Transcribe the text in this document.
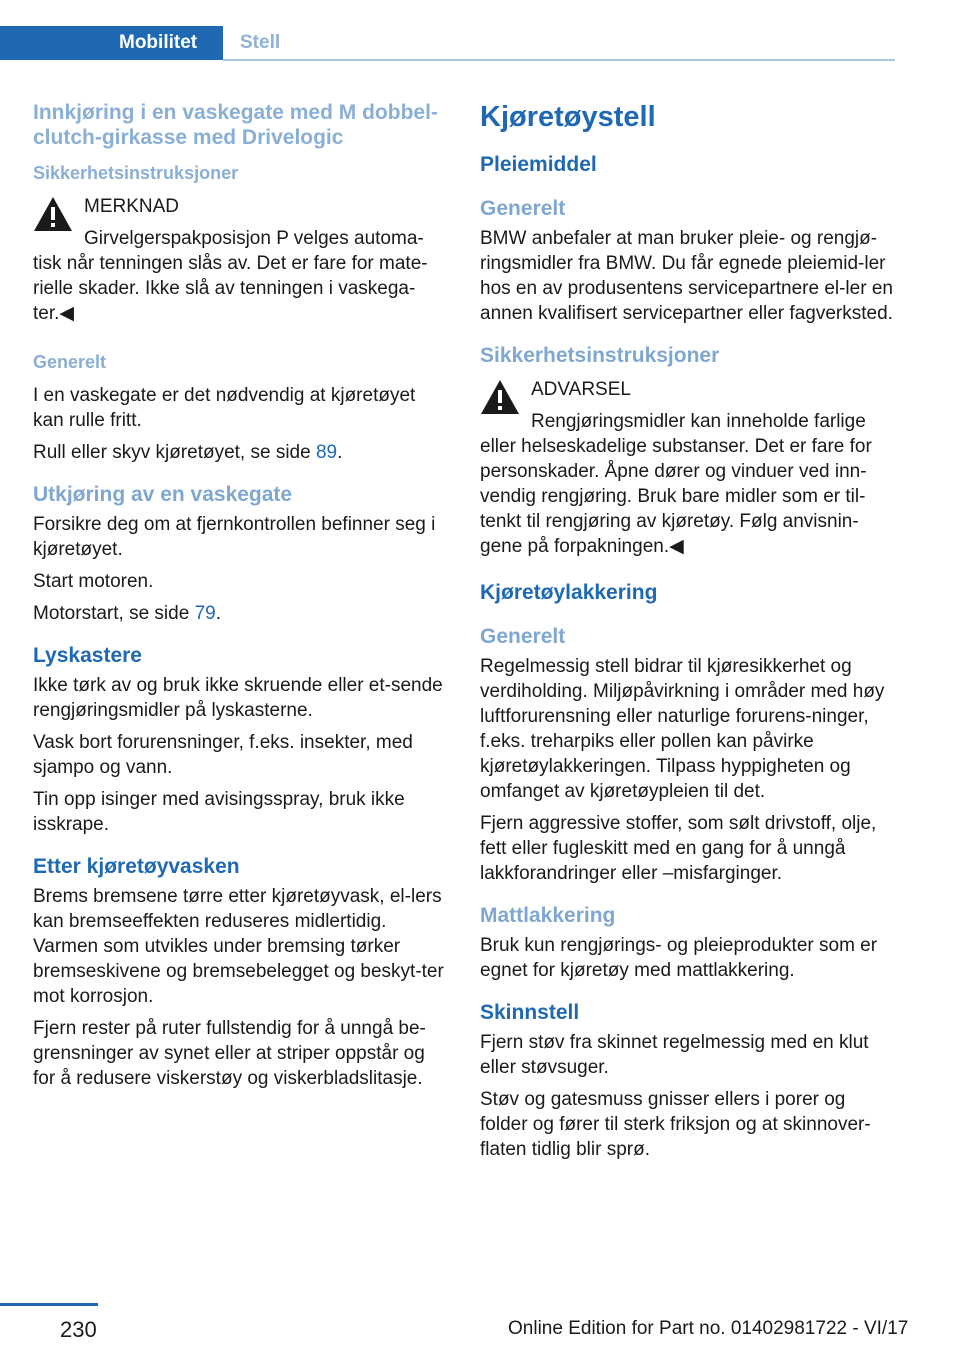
Mobilitet	Stell
Innkjøring i en vaskegate med M dobbel-clutch-girkasse med Drivelogic
Sikkerhetsinstruksjoner

MERKNAD

Girvelgerspakposisjon P velges automa‐

tisk når tenningen slås av. Det er fare for mate‐rielle skader. Ikke slå av tenningen i vaskega‐ter.◀

Generelt

I en vaskegate er det nødvendig at kjøretøyet kan rulle fritt.

Rull eller skyv kjøretøyet, se side 89.

Utkjøring av en vaskegate

Forsikre deg om at fjernkontrollen befinner seg i kjøretøyet.

Start motoren.

Motorstart, se side 79.

Lyskastere

Ikke tørk av og bruk ikke skruende eller et‐sende rengjøringsmidler på lyskasterne.

Vask bort forurensninger, f.eks. insekter, med sjampo og vann.

Tin opp isinger med avisingsspray, bruk ikke isskrape.

Etter kjøretøyvasken

Brems bremsene tørre etter kjøretøyvask, el‐lers kan bremseeffekten reduseres midlertidig. Varmen som utvikles under bremsing tørker bremseskivene og bremsebelegget og beskyt‐ter mot korrosjon.

Fjern rester på ruter fullstendig for å unngå be‐grensninger av synet eller at striper oppstår og for å redusere viskerstøy og viskerbladslitasje.

Kjøretøystell
Pleiemiddel
Generelt

BMW anbefaler at man bruker pleie- og rengjø‐ringsmidler fra BMW. Du får egnede pleiemid‐ler hos en av produsentens servicepartnere el‐ler en annen kvalifisert servicepartner eller fagverksted.

Sikkerhetsinstruksjoner

ADVARSEL

Rengjøringsmidler kan inneholde farlige

eller helseskadelige substanser. Det er fare for personskader. Åpne dører og vinduer ved inn‐vendig rengjøring. Bruk bare midler som er til‐tenkt til rengjøring av kjøretøy. Følg anvisnin‐gene på forpakningen.◀

Kjøretøylakkering
Generelt

Regelmessig stell bidrar til kjøresikkerhet og verdiholding. Miljøpåvirkning i områder med høy luftforurensning eller naturlige forurens‐ninger, f.eks. treharpiks eller pollen kan påvirke kjøretøylakkeringen. Tilpass hyppigheten og omfanget av kjøretøypleien til det.

Fjern aggressive stoffer, som sølt drivstoff, olje, fett eller fugleskitt med en gang for å unngå lakkforandringer eller –misfarginger.

Mattlakkering

Bruk kun rengjørings- og pleieprodukter som er egnet for kjøretøy med mattlakkering.

Skinnstell

Fjern støv fra skinnet regelmessig med en klut eller støvsuger.

Støv og gatesmuss gnisser ellers i porer og folder og fører til sterk friksjon og at skinnover‐flaten tidlig blir sprø.

230	Online Edition for Part no. 01402981722 - VI/17
